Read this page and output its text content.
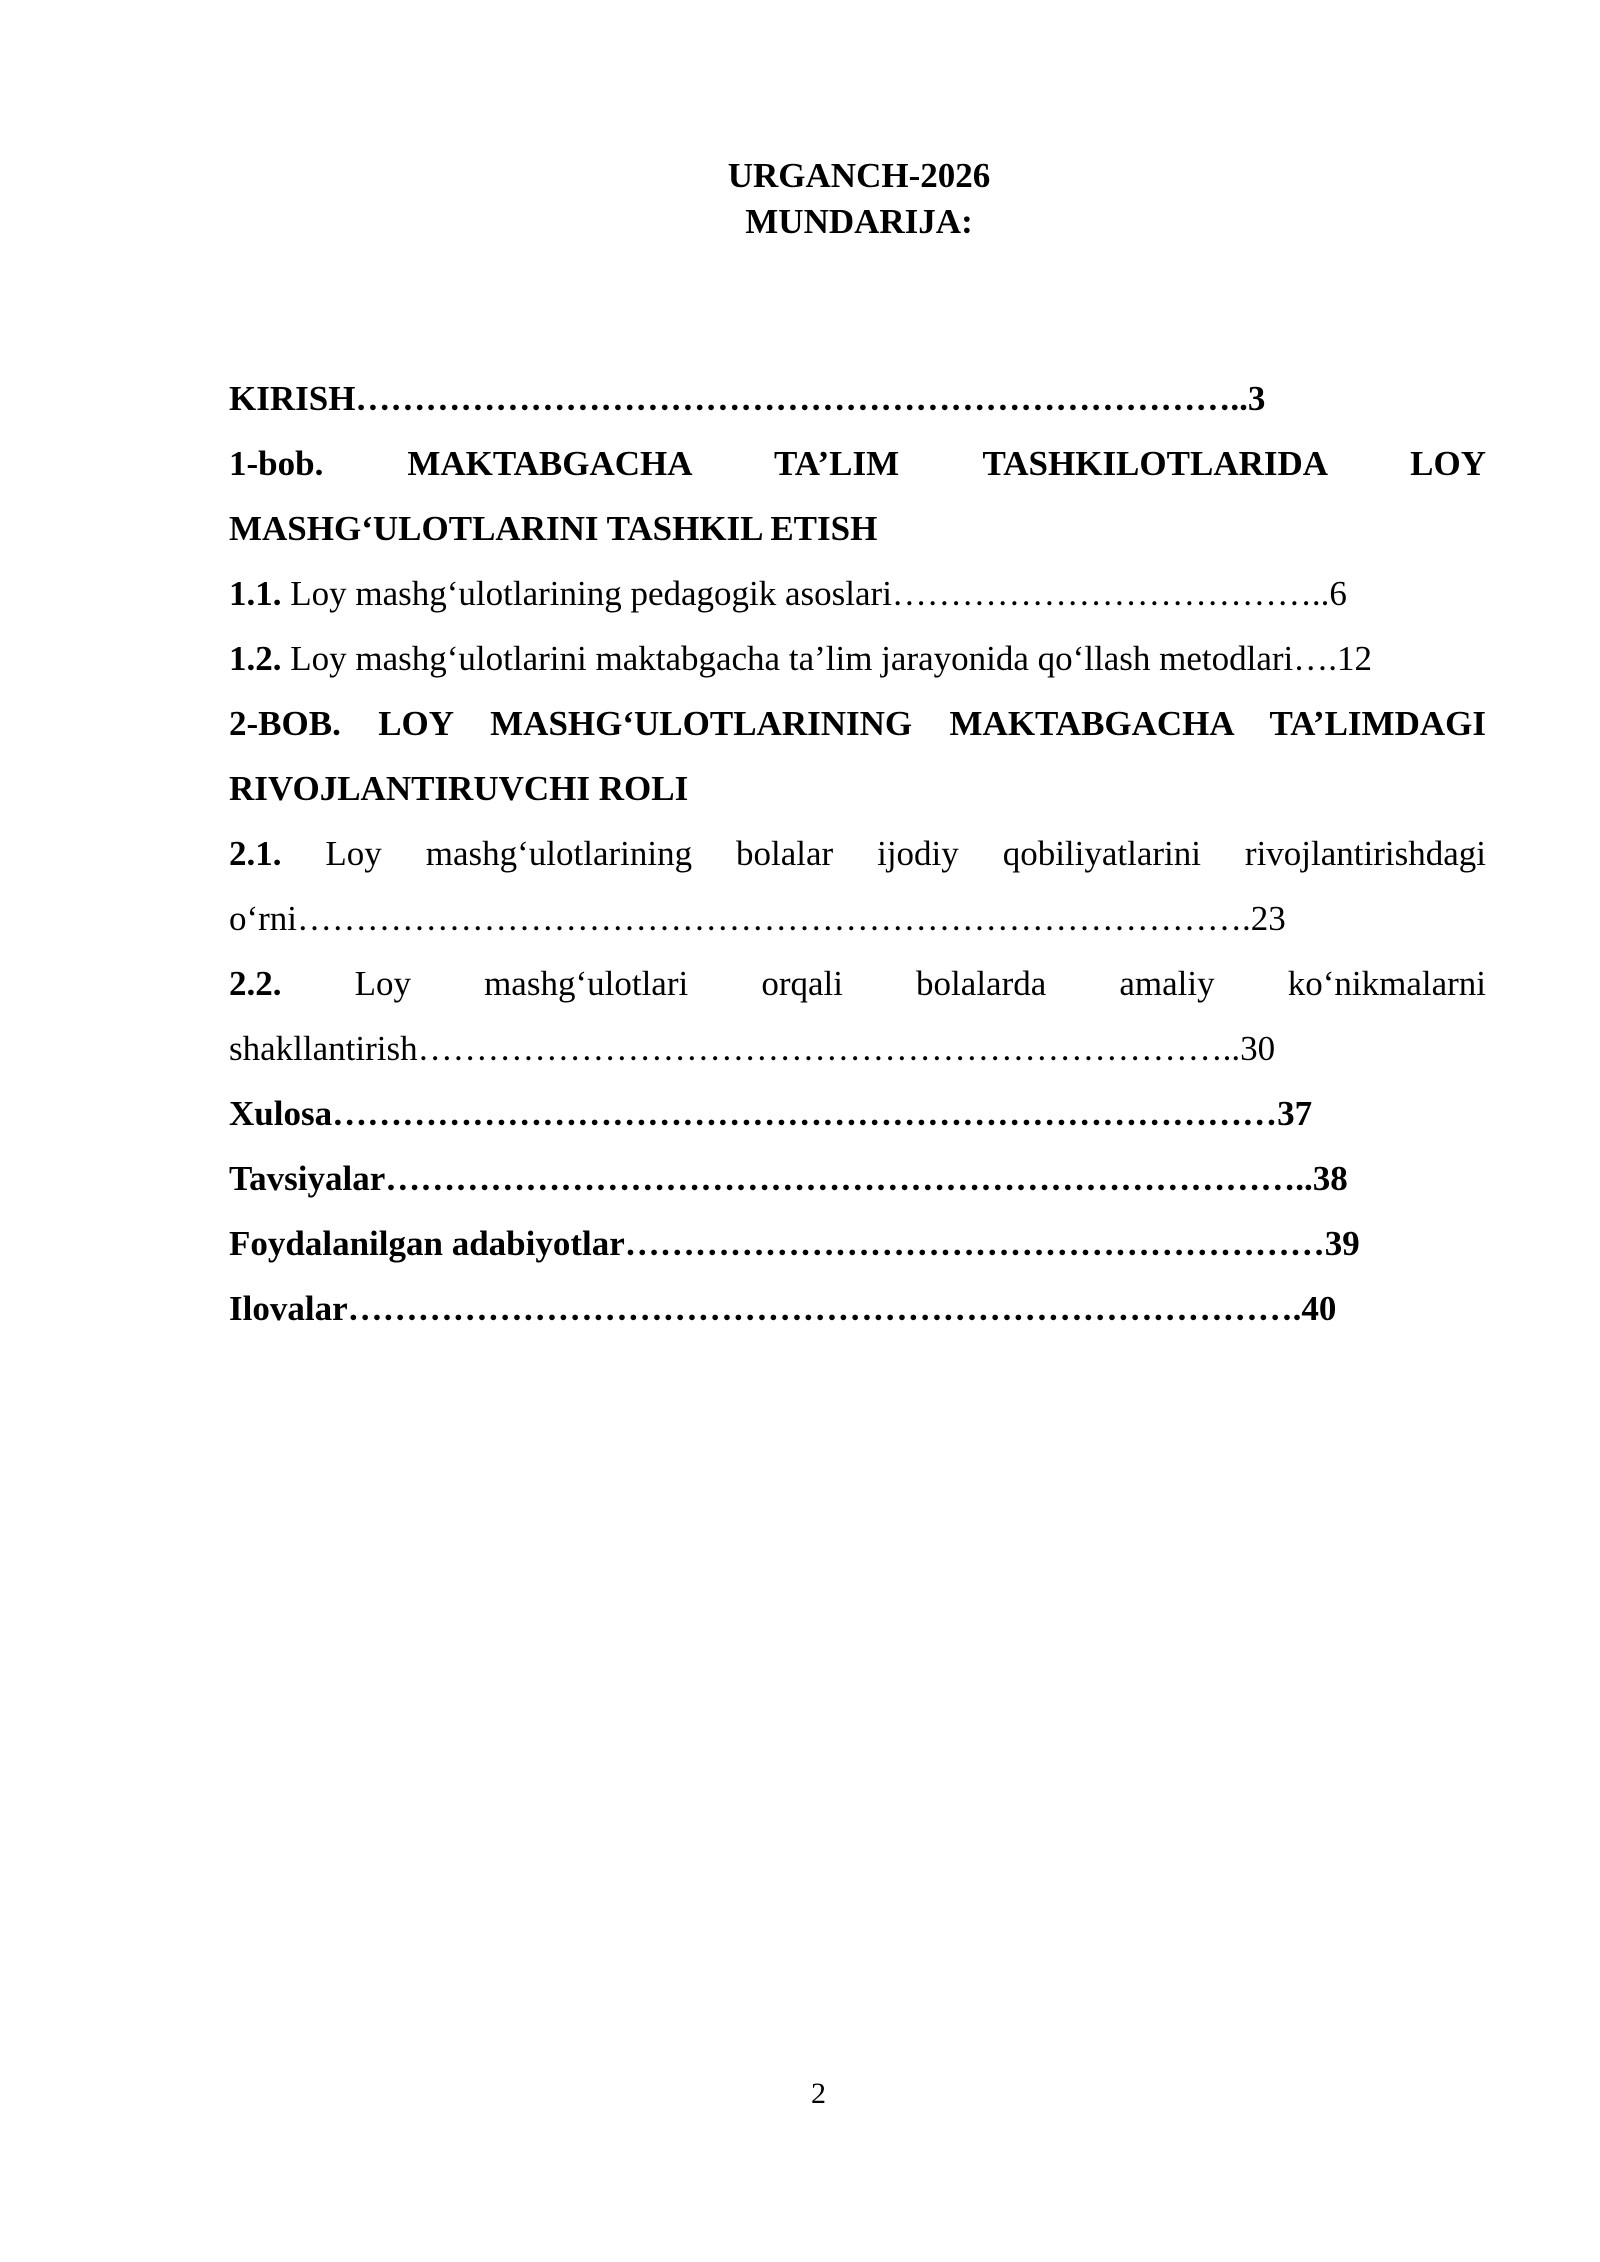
URGANCH-2026
MUNDARIJA:
KIRISH…………………………………………………………………..3
1-bob. MAKTABGACHA TA’LIM TASHKILOTLARIDA LOY
MASHG‘ULOTLARINI TASHKIL ETISH
1.1. Loy mashg‘ulotlarining pedagogik asoslari………………………………..6
1.2. Loy mashg‘ulotlarini maktabgacha ta’lim jarayonida qo‘llash metodlari….12
2-BOB. LOY MASHG‘ULOTLARINING MAKTABGACHA TA’LIMDAGI
RIVOJLANTIRUVCHI ROLI
2.1. Loy mashg‘ulotlarining bolalar ijodiy qobiliyatlarini rivojlantirishdagi
o‘rni……………………………………………………………………….23
2.2. Loy mashg‘ulotlari orqali bolalarda amaliy ko‘nikmalarni
shakllantirish……………………………………………………………..30
Xulosa………………………………………………………………………37
Tavsiyalar……………………………………………………………………..38
Foydalanilgan adabiyotlar……………………………………………………39
Ilovalar……………………………………………………………………….40
2
